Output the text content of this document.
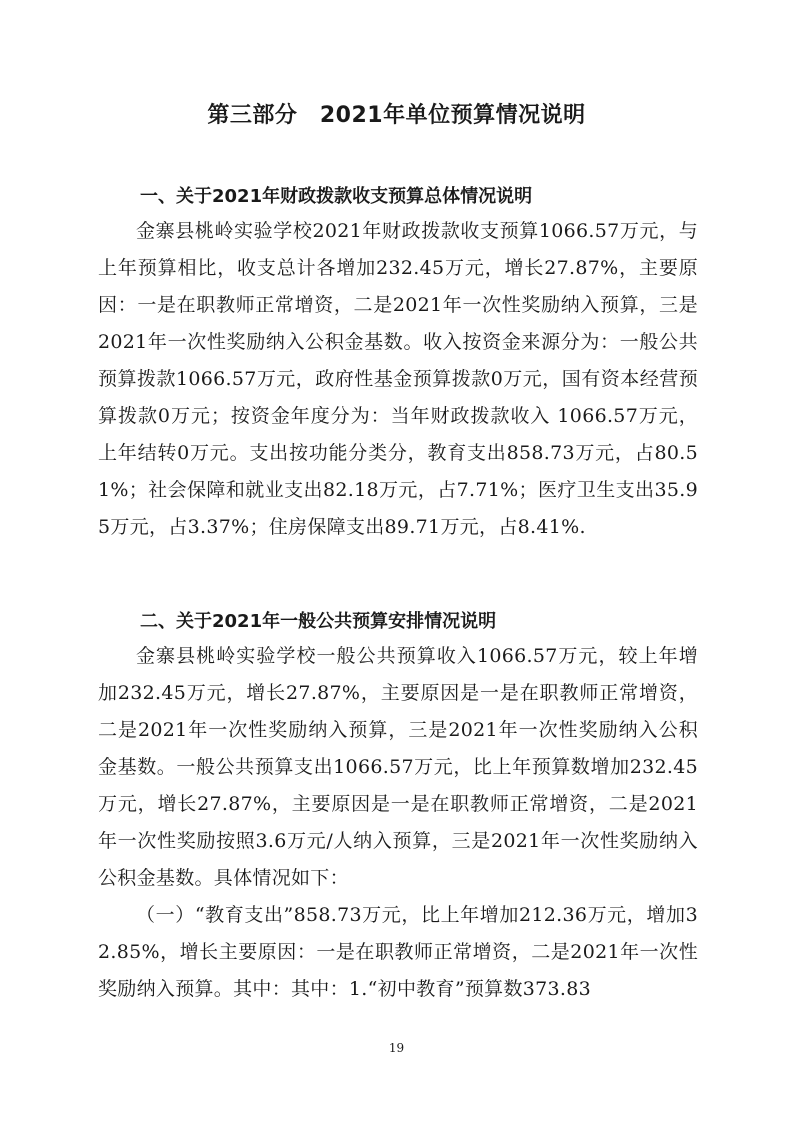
第三部分　2021年单位预算情况说明
一、关于2021年财政拨款收支预算总体情况说明

金寨县桃岭实验学校2021年财政拨款收支预算1066.57万元，与上年预算相比，收支总计各增加232.45万元，增长27.87%，主要原因：一是在职教师正常增资，二是2021年一次性奖励纳入预算，三是2021年一次性奖励纳入公积金基数。收入按资金来源分为：一般公共预算拨款1066.57万元，政府性基金预算拨款0万元，国有资本经营预算拨款0万元；按资金年度分为：当年财政拨款收入 1066.57万元，上年结转0万元。支出按功能分类分，教育支出858.73万元，占80.51%；社会保障和就业支出82.18万元，占7.71%；医疗卫生支出35.95万元，占3.37%；住房保障支出89.71万元，占8.41%.

二、关于2021年一般公共预算安排情况说明

金寨县桃岭实验学校一般公共预算收入1066.57万元，较上年增加232.45万元，增长27.87%，主要原因是一是在职教师正常增资，二是2021年一次性奖励纳入预算，三是2021年一次性奖励纳入公积金基数。一般公共预算支出1066.57万元，比上年预算数增加232.45万元，增长27.87%，主要原因是一是在职教师正常增资，二是2021年一次性奖励按照3.6万元/人纳入预算，三是2021年一次性奖励纳入公积金基数。具体情况如下：

（一）“教育支出”858.73万元，比上年增加212.36万元，增加32.85%，增长主要原因：一是在职教师正常增资，二是2021年一次性奖励纳入预算。其中：其中：1.“初中教育”预算数373.83

19
